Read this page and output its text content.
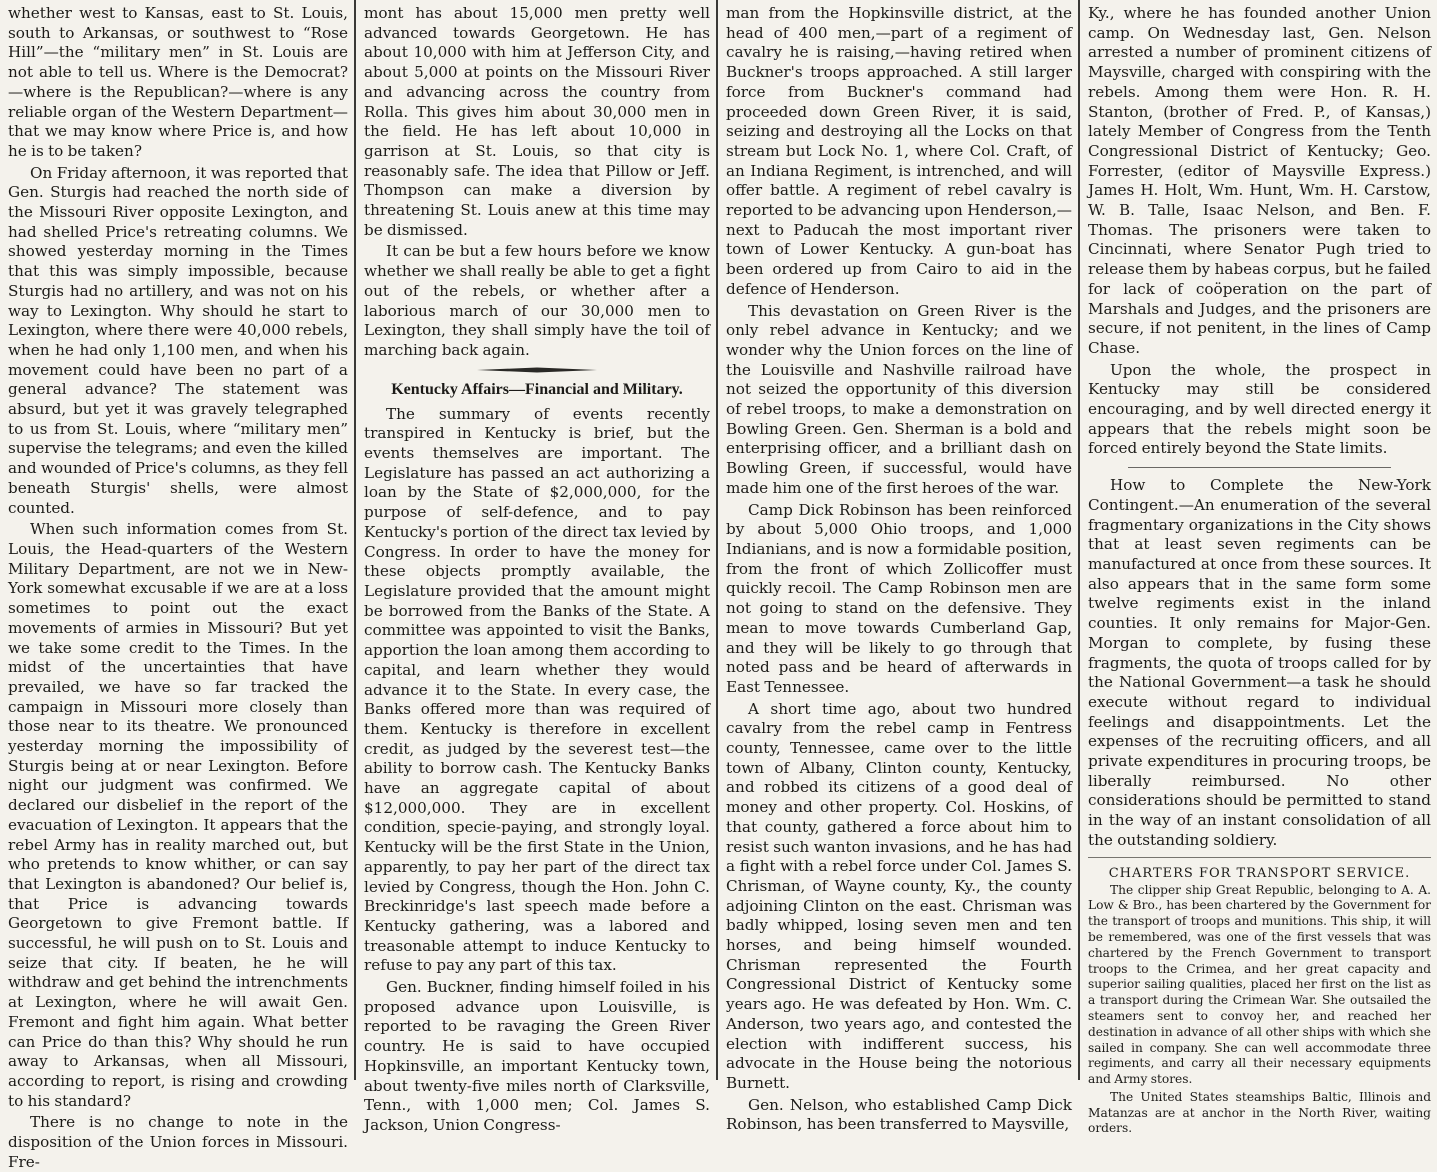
whether west to Kansas, east to St. Louis, south to Arkansas, or southwest to “Rose Hill”—the “military men” in St. Louis are not able to tell us. Where is the Democrat? —where is the Republican?—where is any reliable organ of the Western Department—that we may know where Price is, and how he is to be taken?

On Friday afternoon, it was reported that Gen. Sturgis had reached the north side of the Missouri River opposite Lexington, and had shelled Price's retreating columns. We showed yesterday morning in the Times that this was simply impossible, because Sturgis had no artillery, and was not on his way to Lexington. Why should he start to Lexington, where there were 40,000 rebels, when he had only 1,100 men, and when his movement could have been no part of a general advance? The statement was absurd, but yet it was gravely telegraphed to us from St. Louis, where “military men” supervise the telegrams; and even the killed and wounded of Price's columns, as they fell beneath Sturgis' shells, were almost counted.

When such information comes from St. Louis, the Head-quarters of the Western Military Department, are not we in New-York somewhat excusable if we are at a loss sometimes to point out the exact movements of armies in Missouri? But yet we take some credit to the Times. In the midst of the uncertainties that have prevailed, we have so far tracked the campaign in Missouri more closely than those near to its theatre. We pronounced yesterday morning the impossibility of Sturgis being at or near Lexington. Before night our judgment was confirmed. We declared our disbelief in the report of the evacuation of Lexington. It appears that the rebel Army has in reality marched out, but who pretends to know whither, or can say that Lexington is abandoned? Our belief is, that Price is advancing towards Georgetown to give Fremont battle. If successful, he will push on to St. Louis and seize that city. If beaten, he he will withdraw and get behind the intrenchments at Lexington, where he will await Gen. Fremont and fight him again. What better can Price do than this? Why should he run away to Arkansas, when all Missouri, according to report, is rising and crowding to his standard?

There is no change to note in the disposition of the Union forces in Missouri. Fre-

mont has about 15,000 men pretty well advanced towards Georgetown. He has about 10,000 with him at Jefferson City, and about 5,000 at points on the Missouri River and advancing across the country from Rolla. This gives him about 30,000 men in the field. He has left about 10,000 in garrison at St. Louis, so that city is reasonably safe. The idea that Pillow or Jeff. Thompson can make a diversion by threatening St. Louis anew at this time may be dismissed.

It can be but a few hours before we know whether we shall really be able to get a fight out of the rebels, or whether after a laborious march of our 30,000 men to Lexington, they shall simply have the toil of marching back again.

Kentucky Affairs—Financial and Military.

The summary of events recently transpired in Kentucky is brief, but the events themselves are important. The Legislature has passed an act authorizing a loan by the State of $2,000,000, for the purpose of self-defence, and to pay Kentucky's portion of the direct tax levied by Congress. In order to have the money for these objects promptly available, the Legislature provided that the amount might be borrowed from the Banks of the State. A committee was appointed to visit the Banks, apportion the loan among them according to capital, and learn whether they would advance it to the State. In every case, the Banks offered more than was required of them. Kentucky is therefore in excellent credit, as judged by the severest test—the ability to borrow cash. The Kentucky Banks have an aggregate capital of about $12,000,000. They are in excellent condition, specie-paying, and strongly loyal. Kentucky will be the first State in the Union, apparently, to pay her part of the direct tax levied by Congress, though the Hon. John C. Breckinridge's last speech made before a Kentucky gathering, was a labored and treasonable attempt to induce Kentucky to refuse to pay any part of this tax.

Gen. Buckner, finding himself foiled in his proposed advance upon Louisville, is reported to be ravaging the Green River country. He is said to have occupied Hopkinsville, an important Kentucky town, about twenty-five miles north of Clarksville, Tenn., with 1,000 men; Col. James S. Jackson, Union Congress-

man from the Hopkinsville district, at the head of 400 men,—part of a regiment of cavalry he is raising,—having retired when Buckner's troops approached. A still larger force from Buckner's command had proceeded down Green River, it is said, seizing and destroying all the Locks on that stream but Lock No. 1, where Col. Craft, of an Indiana Regiment, is intrenched, and will offer battle. A regiment of rebel cavalry is reported to be advancing upon Henderson,—next to Paducah the most important river town of Lower Kentucky. A gun-boat has been ordered up from Cairo to aid in the defence of Henderson.

This devastation on Green River is the only rebel advance in Kentucky; and we wonder why the Union forces on the line of the Louisville and Nashville railroad have not seized the opportunity of this diversion of rebel troops, to make a demonstration on Bowling Green. Gen. Sherman is a bold and enterprising officer, and a brilliant dash on Bowling Green, if successful, would have made him one of the first heroes of the war.

Camp Dick Robinson has been reinforced by about 5,000 Ohio troops, and 1,000 Indianians, and is now a formidable position, from the front of which Zollicoffer must quickly recoil. The Camp Robinson men are not going to stand on the defensive. They mean to move towards Cumberland Gap, and they will be likely to go through that noted pass and be heard of afterwards in East Tennessee.

A short time ago, about two hundred cavalry from the rebel camp in Fentress county, Tennessee, came over to the little town of Albany, Clinton county, Kentucky, and robbed its citizens of a good deal of money and other property. Col. Hoskins, of that county, gathered a force about him to resist such wanton invasions, and he has had a fight with a rebel force under Col. James S. Chrisman, of Wayne county, Ky., the county adjoining Clinton on the east. Chrisman was badly whipped, losing seven men and ten horses, and being himself wounded. Chrisman represented the Fourth Congressional District of Kentucky some years ago. He was defeated by Hon. Wm. C. Anderson, two years ago, and contested the election with indifferent success, his advocate in the House being the notorious Burnett.

Gen. Nelson, who established Camp Dick Robinson, has been transferred to Maysville,

Ky., where he has founded another Union camp. On Wednesday last, Gen. Nelson arrested a number of prominent citizens of Maysville, charged with conspiring with the rebels. Among them were Hon. R. H. Stanton, (brother of Fred. P., of Kansas,) lately Member of Congress from the Tenth Congressional District of Kentucky; Geo. Forrester, (editor of Maysville Express.) James H. Holt, Wm. Hunt, Wm. H. Carstow, W. B. Talle, Isaac Nelson, and Ben. F. Thomas. The prisoners were taken to Cincinnati, where Senator Pugh tried to release them by habeas corpus, but he failed for lack of coöperation on the part of Marshals and Judges, and the prisoners are secure, if not penitent, in the lines of Camp Chase.

Upon the whole, the prospect in Kentucky may still be considered encouraging, and by well directed energy it appears that the rebels might soon be forced entirely beyond the State limits.

How to Complete the New-York Contingent.—An enumeration of the several fragmentary organizations in the City shows that at least seven regiments can be manufactured at once from these sources. It also appears that in the same form some twelve regiments exist in the inland counties. It only remains for Major-Gen. Morgan to complete, by fusing these fragments, the quota of troops called for by the National Government—a task he should execute without regard to individual feelings and disappointments. Let the expenses of the recruiting officers, and all private expenditures in procuring troops, be liberally reimbursed. No other considerations should be permitted to stand in the way of an instant consolidation of all the outstanding soldiery.

CHARTERS FOR TRANSPORT SERVICE.

The clipper ship Great Republic, belonging to A. A. Low & Bro., has been chartered by the Government for the transport of troops and munitions. This ship, it will be remembered, was one of the first vessels that was chartered by the French Government to transport troops to the Crimea, and her great capacity and superior sailing qualities, placed her first on the list as a transport during the Crimean War. She outsailed the steamers sent to convoy her, and reached her destination in advance of all other ships with which she sailed in company. She can well accommodate three regiments, and carry all their necessary equipments and Army stores.

The United States steamships Baltic, Illinois and Matanzas are at anchor in the North River, waiting orders.
